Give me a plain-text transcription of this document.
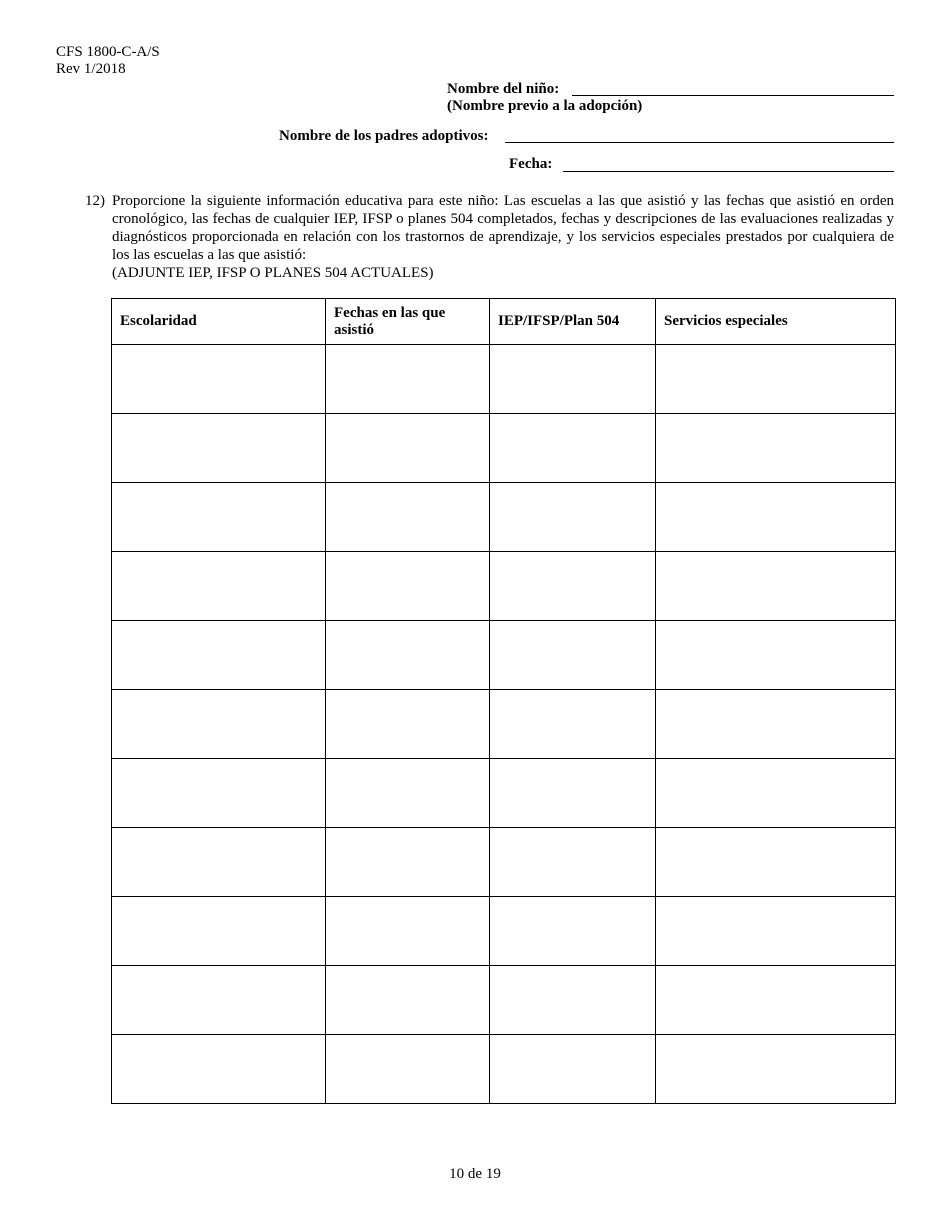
CFS 1800-C-A/S
Rev 1/2018
Nombre del niño:
(Nombre previo a la adopción)
Nombre de los padres adoptivos:
Fecha:
12) Proporcione la siguiente información educativa para este niño: Las escuelas a las que asistió y las fechas que asistió en orden cronológico, las fechas de cualquier IEP, IFSP o planes 504 completados, fechas y descripciones de las evaluaciones realizadas y diagnósticos proporcionada en relación con los trastornos de aprendizaje, y los servicios especiales prestados por cualquiera de los las escuelas a las que asistió:
(ADJUNTE IEP, IFSP O PLANES 504 ACTUALES)
Escolaridad	Fechas en las que asistió	IEP/IFSP/Plan 504	Servicios especiales

10 de 19
